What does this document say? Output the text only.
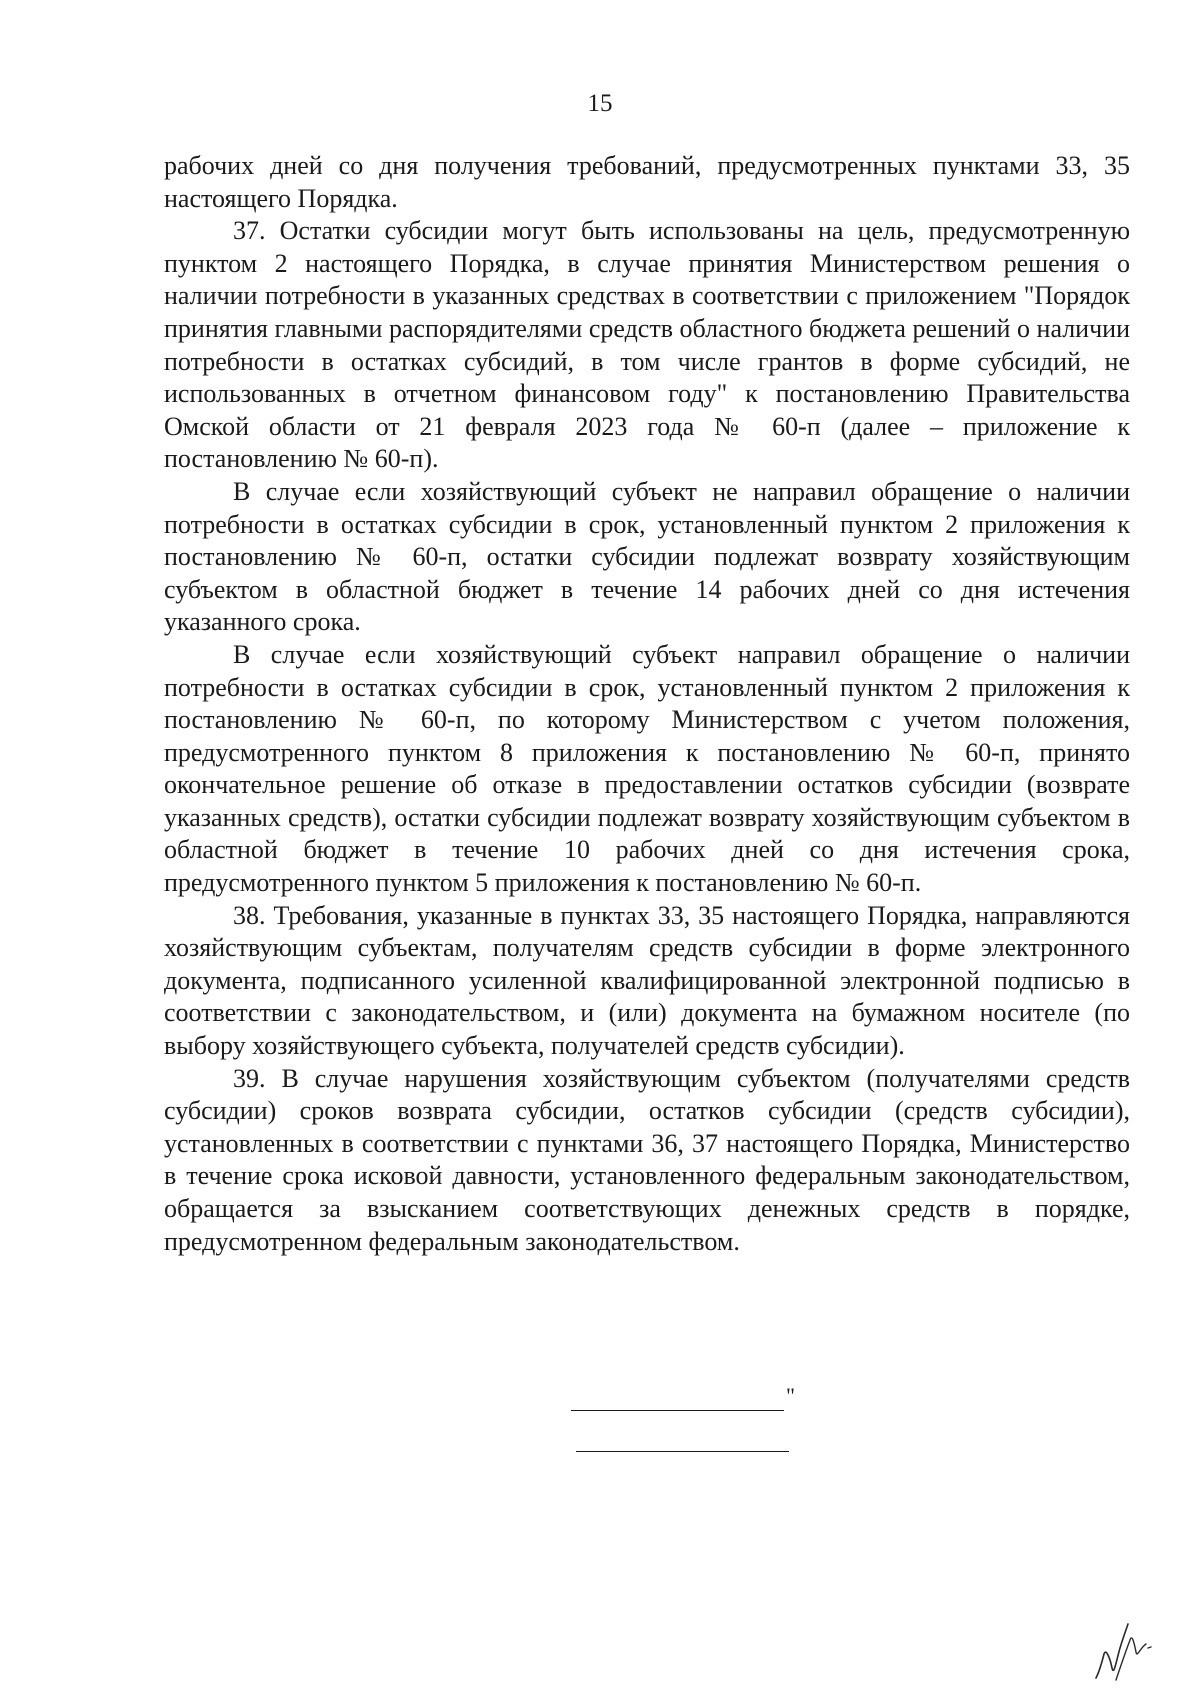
15

рабочих дней со дня получения требований, предусмотренных пунктами 33, 35 настоящего Порядка.

37. Остатки субсидии могут быть использованы на цель, предусмотренную пунктом 2 настоящего Порядка, в случае принятия Министерством решения о наличии потребности в указанных средствах в соответствии с приложением "Порядок принятия главными распорядителями средств областного бюджета решений о наличии потребности в остатках субсидий, в том числе грантов в форме субсидий, не использованных в отчетном финансовом году" к постановлению Правительства Омской области от 21 февраля 2023 года № 60-п (далее – приложение к постановлению № 60-п).

В случае если хозяйствующий субъект не направил обращение о наличии потребности в остатках субсидии в срок, установленный пунктом 2 приложения к постановлению № 60-п, остатки субсидии подлежат возврату хозяйствующим субъектом в областной бюджет в течение 14 рабочих дней со дня истечения указанного срока.

В случае если хозяйствующий субъект направил обращение о наличии потребности в остатках субсидии в срок, установленный пунктом 2 приложения к постановлению № 60-п, по которому Министерством с учетом положения, предусмотренного пунктом 8 приложения к постановлению № 60-п, принято окончательное решение об отказе в предоставлении остатков субсидии (возврате указанных средств), остатки субсидии подлежат возврату хозяйствующим субъектом в областной бюджет в течение 10 рабочих дней со дня истечения срока, предусмотренного пунктом 5 приложения к постановлению № 60-п.

38. Требования, указанные в пунктах 33, 35 настоящего Порядка, направляются хозяйствующим субъектам, получателям средств субсидии в форме электронного документа, подписанного усиленной квалифицированной электронной подписью в соответствии с законодательством, и (или) документа на бумажном носителе (по выбору хозяйствующего субъекта, получателей средств субсидии).

39. В случае нарушения хозяйствующим субъектом (получателями средств субсидии) сроков возврата субсидии, остатков субсидии (средств субсидии), установленных в соответствии с пунктами 36, 37 настоящего Порядка, Министерство в течение срока исковой давности, установленного федеральным законодательством, обращается за взысканием соответствующих денежных средств в порядке, предусмотренном федеральным законодательством.

"
